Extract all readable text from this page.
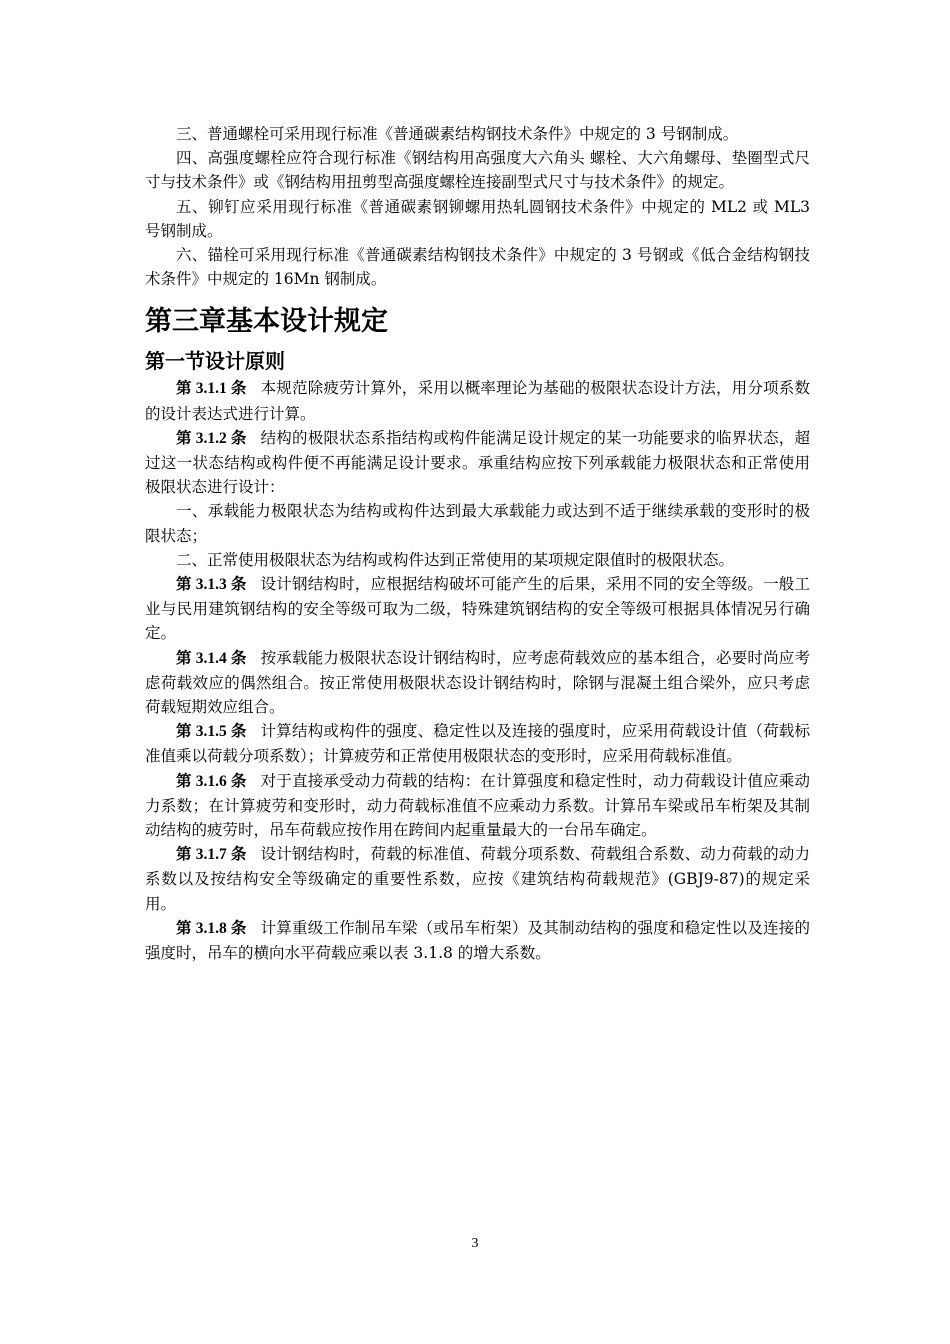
三、普通螺栓可采用现行标准《普通碳素结构钢技术条件》中规定的 3 号钢制成。

四、高强度螺栓应符合现行标准《钢结构用高强度大六角头 螺栓、大六角螺母、垫圈型式尺寸与技术条件》或《钢结构用扭剪型高强度螺栓连接副型式尺寸与技术条件》的规定。

五、铆钉应采用现行标准《普通碳素钢铆螺用热轧圆钢技术条件》中规定的 ML2 或 ML3 号钢制成。

六、锚栓可采用现行标准《普通碳素结构钢技术条件》中规定的 3 号钢或《低合金结构钢技术条件》中规定的 16Mn 钢制成。

第三章基本设计规定
第一节设计原则

第 3.1.1 条 本规范除疲劳计算外，采用以概率理论为基础的极限状态设计方法，用分项系数的设计表达式进行计算。

第 3.1.2 条 结构的极限状态系指结构或构件能满足设计规定的某一功能要求的临界状态，超过这一状态结构或构件便不再能满足设计要求。承重结构应按下列承载能力极限状态和正常使用极限状态进行设计：

一、承载能力极限状态为结构或构件达到最大承载能力或达到不适于继续承载的变形时的极限状态；

二、正常使用极限状态为结构或构件达到正常使用的某项规定限值时的极限状态。

第 3.1.3 条 设计钢结构时，应根据结构破坏可能产生的后果，采用不同的安全等级。一般工业与民用建筑钢结构的安全等级可取为二级，特殊建筑钢结构的安全等级可根据具体情况另行确定。

第 3.1.4 条 按承载能力极限状态设计钢结构时，应考虑荷载效应的基本组合，必要时尚应考虑荷载效应的偶然组合。按正常使用极限状态设计钢结构时，除钢与混凝土组合梁外，应只考虑荷载短期效应组合。

第 3.1.5 条 计算结构或构件的强度、稳定性以及连接的强度时，应采用荷载设计值（荷载标准值乘以荷载分项系数）；计算疲劳和正常使用极限状态的变形时，应采用荷载标准值。

第 3.1.6 条 对于直接承受动力荷载的结构：在计算强度和稳定性时，动力荷载设计值应乘动力系数；在计算疲劳和变形时，动力荷载标准值不应乘动力系数。计算吊车梁或吊车桁架及其制动结构的疲劳时，吊车荷载应按作用在跨间内起重量最大的一台吊车确定。

第 3.1.7 条 设计钢结构时，荷载的标准值、荷载分项系数、荷载组合系数、动力荷载的动力系数以及按结构安全等级确定的重要性系数，应按《建筑结构荷载规范》(GBJ9-87)的规定采用。

第 3.1.8 条 计算重级工作制吊车梁（或吊车桁架）及其制动结构的强度和稳定性以及连接的强度时，吊车的横向水平荷载应乘以表 3.1.8 的增大系数。

3
